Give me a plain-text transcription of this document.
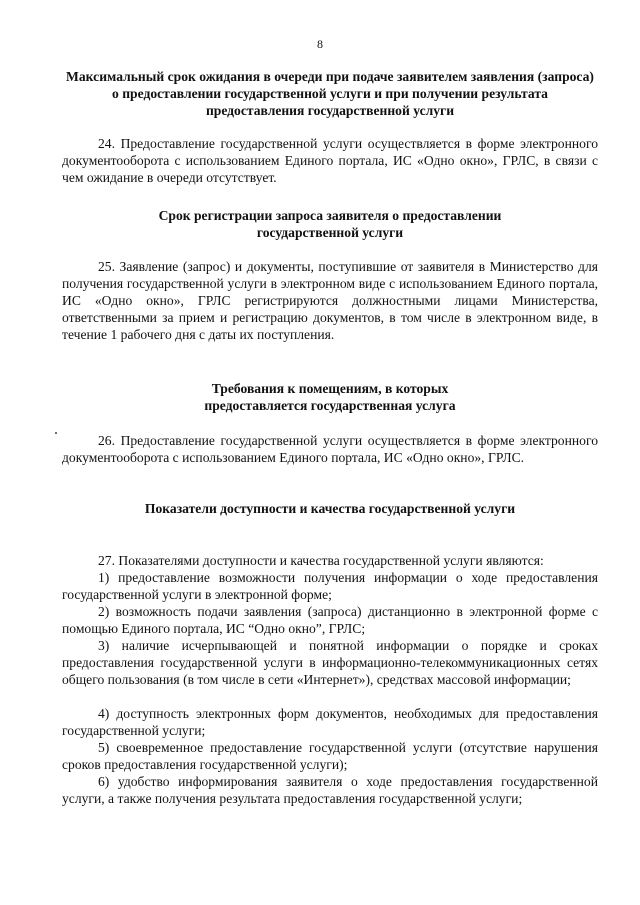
8
Максимальный срок ожидания в очереди при подаче заявителем заявления (запроса) о предоставлении государственной услуги и при получении результата предоставления государственной услуги

24. Предоставление государственной услуги осуществляется в форме электронного документооборота с использованием Единого портала, ИС «Одно окно», ГРЛС, в связи с чем ожидание в очереди отсутствует.

Срок регистрации запроса заявителя о предоставлении государственной услуги

25. Заявление (запрос) и документы, поступившие от заявителя в Министерство для получения государственной услуги в электронном виде с использованием Единого портала, ИС «Одно окно», ГРЛС регистрируются должностными лицами Министерства, ответственными за прием и регистрацию документов, в том числе в электронном виде, в течение 1 рабочего дня с даты их поступления.

Требования к помещениям, в которых предоставляется государственная услуга

26. Предоставление государственной услуги осуществляется в форме электронного документооборота с использованием Единого портала, ИС «Одно окно», ГРЛС.

Показатели доступности и качества государственной услуги

27. Показателями доступности и качества государственной услуги являются:

1) предоставление возможности получения информации о ходе предоставления государственной услуги в электронной форме;

2) возможность подачи заявления (запроса) дистанционно в электронной форме с помощью Единого портала, ИС “Одно окно”, ГРЛС;

3) наличие исчерпывающей и понятной информации о порядке и сроках предоставления государственной услуги в информационно-телекоммуникационных сетях общего пользования (в том числе в сети «Интернет»), средствах массовой информации;

4) доступность электронных форм документов, необходимых для предоставления государственной услуги;

5) своевременное предоставление государственной услуги (отсутствие нарушения сроков предоставления государственной услуги);

6) удобство информирования заявителя о ходе предоставления государственной услуги, а также получения результата предоставления государственной услуги;
